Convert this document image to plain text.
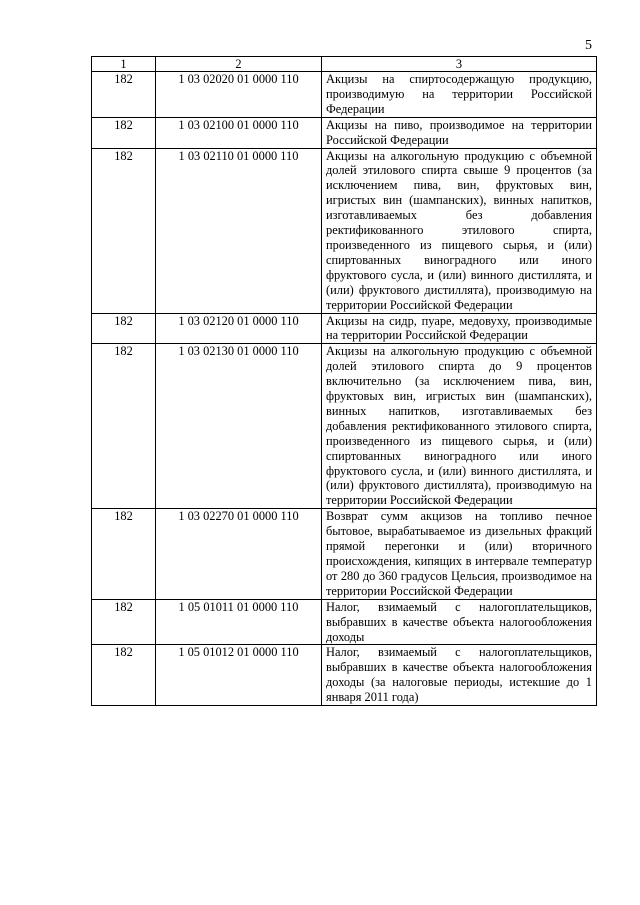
5
1	2	3
182	1 03 02020 01 0000 110	Акцизы на спиртосодержащую продукцию, производимую на территории Российской Федерации
182	1 03 02100 01 0000 110	Акцизы на пиво, производимое на территории Российской Федерации
182	1 03 02110 01 0000 110	Акцизы на алкогольную продукцию с объемной долей этилового спирта свыше 9 процентов (за исключением пива, вин, фруктовых вин, игристых вин (шампанских), винных напитков, изготавливаемых без добавления ректификованного этилового спирта, произведенного из пищевого сырья, и (или) спиртованных виноградного или иного фруктового сусла, и (или) винного дистиллята, и (или) фруктового дистиллята), производимую на территории Российской Федерации
182	1 03 02120 01 0000 110	Акцизы на сидр, пуаре, медовуху, производимые на территории Российской Федерации
182	1 03 02130 01 0000 110	Акцизы на алкогольную продукцию с объемной долей этилового спирта до 9 процентов включительно (за исключением пива, вин, фруктовых вин, игристых вин (шампанских), винных напитков, изготавливаемых без добавления ректификованного этилового спирта, произведенного из пищевого сырья, и (или) спиртованных виноградного или иного фруктового сусла, и (или) винного дистиллята, и (или) фруктового дистиллята), производимую на территории Российской Федерации
182	1 03 02270 01 0000 110	Возврат сумм акцизов на топливо печное бытовое, вырабатываемое из дизельных фракций прямой перегонки и (или) вторичного происхождения, кипящих в интервале температур от 280 до 360 градусов Цельсия, производимое на территории Российской Федерации
182	1 05 01011 01 0000 110	Налог, взимаемый с налогоплательщиков, выбравших в качестве объекта налогообложения доходы
182	1 05 01012 01 0000 110	Налог, взимаемый с налогоплательщиков, выбравших в качестве объекта налогообложения доходы (за налоговые периоды, истекшие до 1 января 2011 года)
